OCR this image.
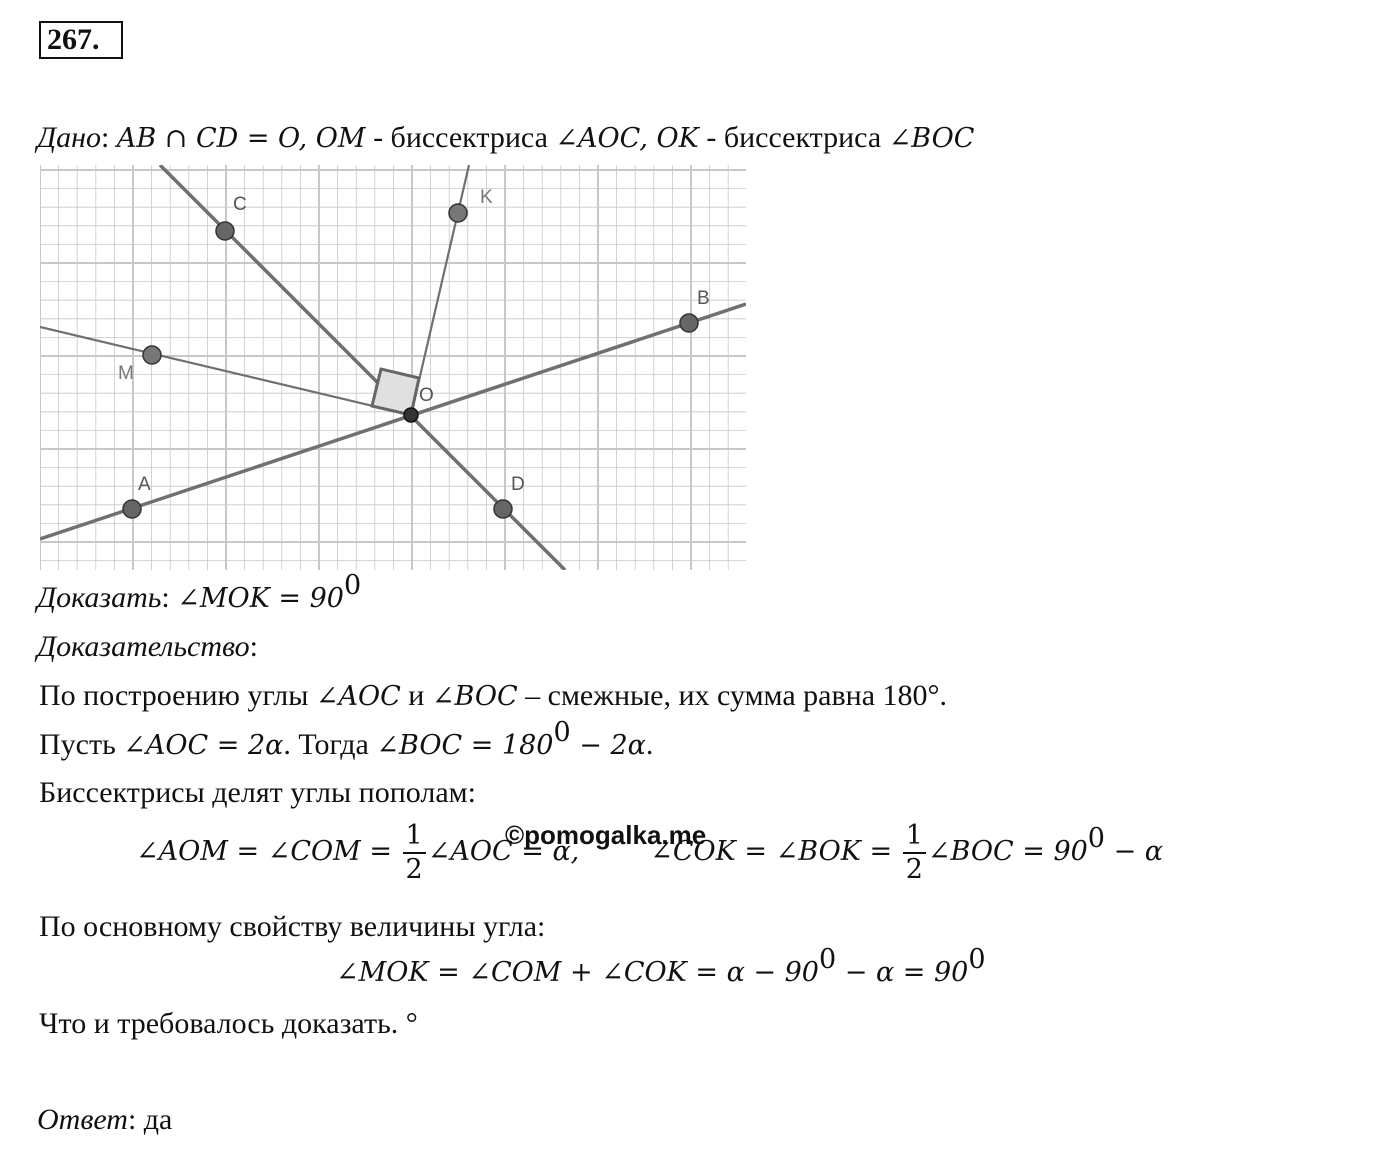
267.
Дано: AB ∩ CD = O, OM - биссектриса ∠AOC, OK - биссектриса ∠BOC
C	K
B
M
O
A	D
Доказать: ∠MOK = $90^0$
Доказательство:
По построению углы ∠AOC и ∠BOC – смежные, их сумма равна 180°.
Пусть ∠AOC = 2α. Тогда ∠BOC = $180^0 - 2\alpha$.
Биссектрисы делят углы пополам:
∠AOM = ∠COM = $\frac{1}{2}$ ∠AOC = α,	∠COK = ∠BOK = $\frac{1}{2}$ ∠BOC = $90^0 - \alpha$
©pomogalka.me
По основному свойству величины угла:
∠MOK = ∠COM + ∠COK = $\alpha - 90^0 - \alpha = 90^0$
Что и требовалось доказать. °
Ответ: да
